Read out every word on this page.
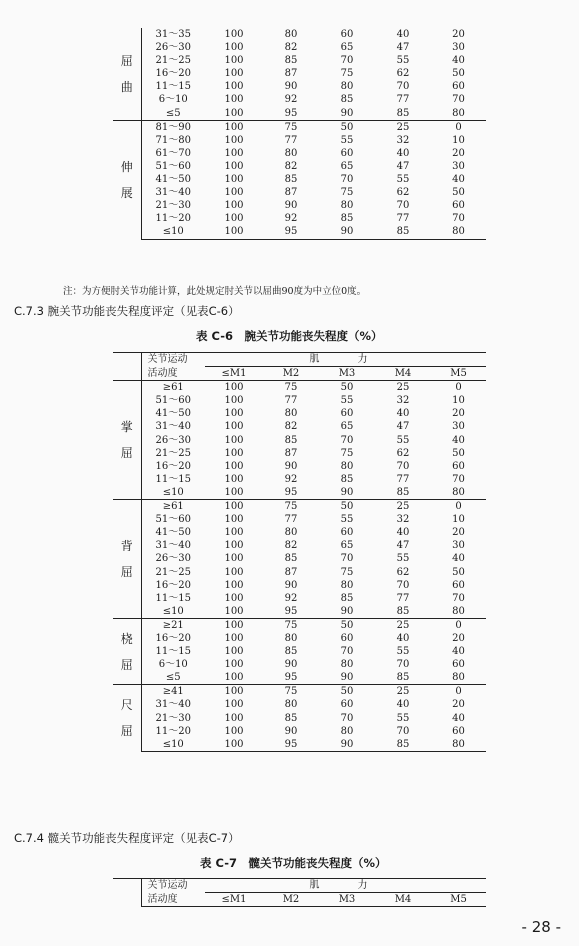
屈
曲	31～35	100	80	60	40	20
	26～30	100	82	65	47	30
	21～25	100	85	70	55	40
	16～20	100	87	75	62	50
	11～15	100	90	80	70	60
	6～10	100	92	85	77	70
	≤5	100	95	90	85	80

伸
展	81～90	100	75	50	25	0
	71～80	100	77	55	32	10
	61～70	100	80	60	40	20
	51～60	100	82	65	47	30
	41～50	100	85	70	55	40
	31～40	100	87	75	62	50
	21～30	100	90	80	70	60
	11～20	100	92	85	77	70
	≤10	100	95	90	85	80
注：为方便肘关节功能计算，此处规定肘关节以屈曲90度为中立位0度。
C.7.3 腕关节功能丧失程度评定（见表C-6）
表 C-6　腕关节功能丧失程度（%）
	关节运动	肌　力				
	活动度	≤M1	M2	M3	M4	M5

掌
屈	≥61	100	75	50	25	0
	51～60	100	77	55	32	10
	41～50	100	80	60	40	20
	31～40	100	82	65	47	30
	26～30	100	85	70	55	40
	21～25	100	87	75	62	50
	16～20	100	90	80	70	60
	11～15	100	92	85	77	70
	≤10	100	95	90	85	80

背
屈	≥61	100	75	50	25	0
	51～60	100	77	55	32	10
	41～50	100	80	60	40	20
	31～40	100	82	65	47	30
	26～30	100	85	70	55	40
	21～25	100	87	75	62	50
	16～20	100	90	80	70	60
	11～15	100	92	85	77	70
	≤10	100	95	90	85	80

桡
屈	≥21	100	75	50	25	0
	16～20	100	80	60	40	20
	11～15	100	85	70	55	40
	6～10	100	90	80	70	60
	≤5	100	95	90	85	80

尺
屈	≥41	100	75	50	25	0
	31～40	100	80	60	40	20
	21～30	100	85	70	55	40
	11～20	100	90	80	70	60
	≤10	100	95	90	85	80
C.7.4 髋关节功能丧失程度评定（见表C-7）
表 C-7　髋关节功能丧失程度（%）
	关节运动	肌　力				
	活动度	≤M1	M2	M3	M4	M5
- 28 -
